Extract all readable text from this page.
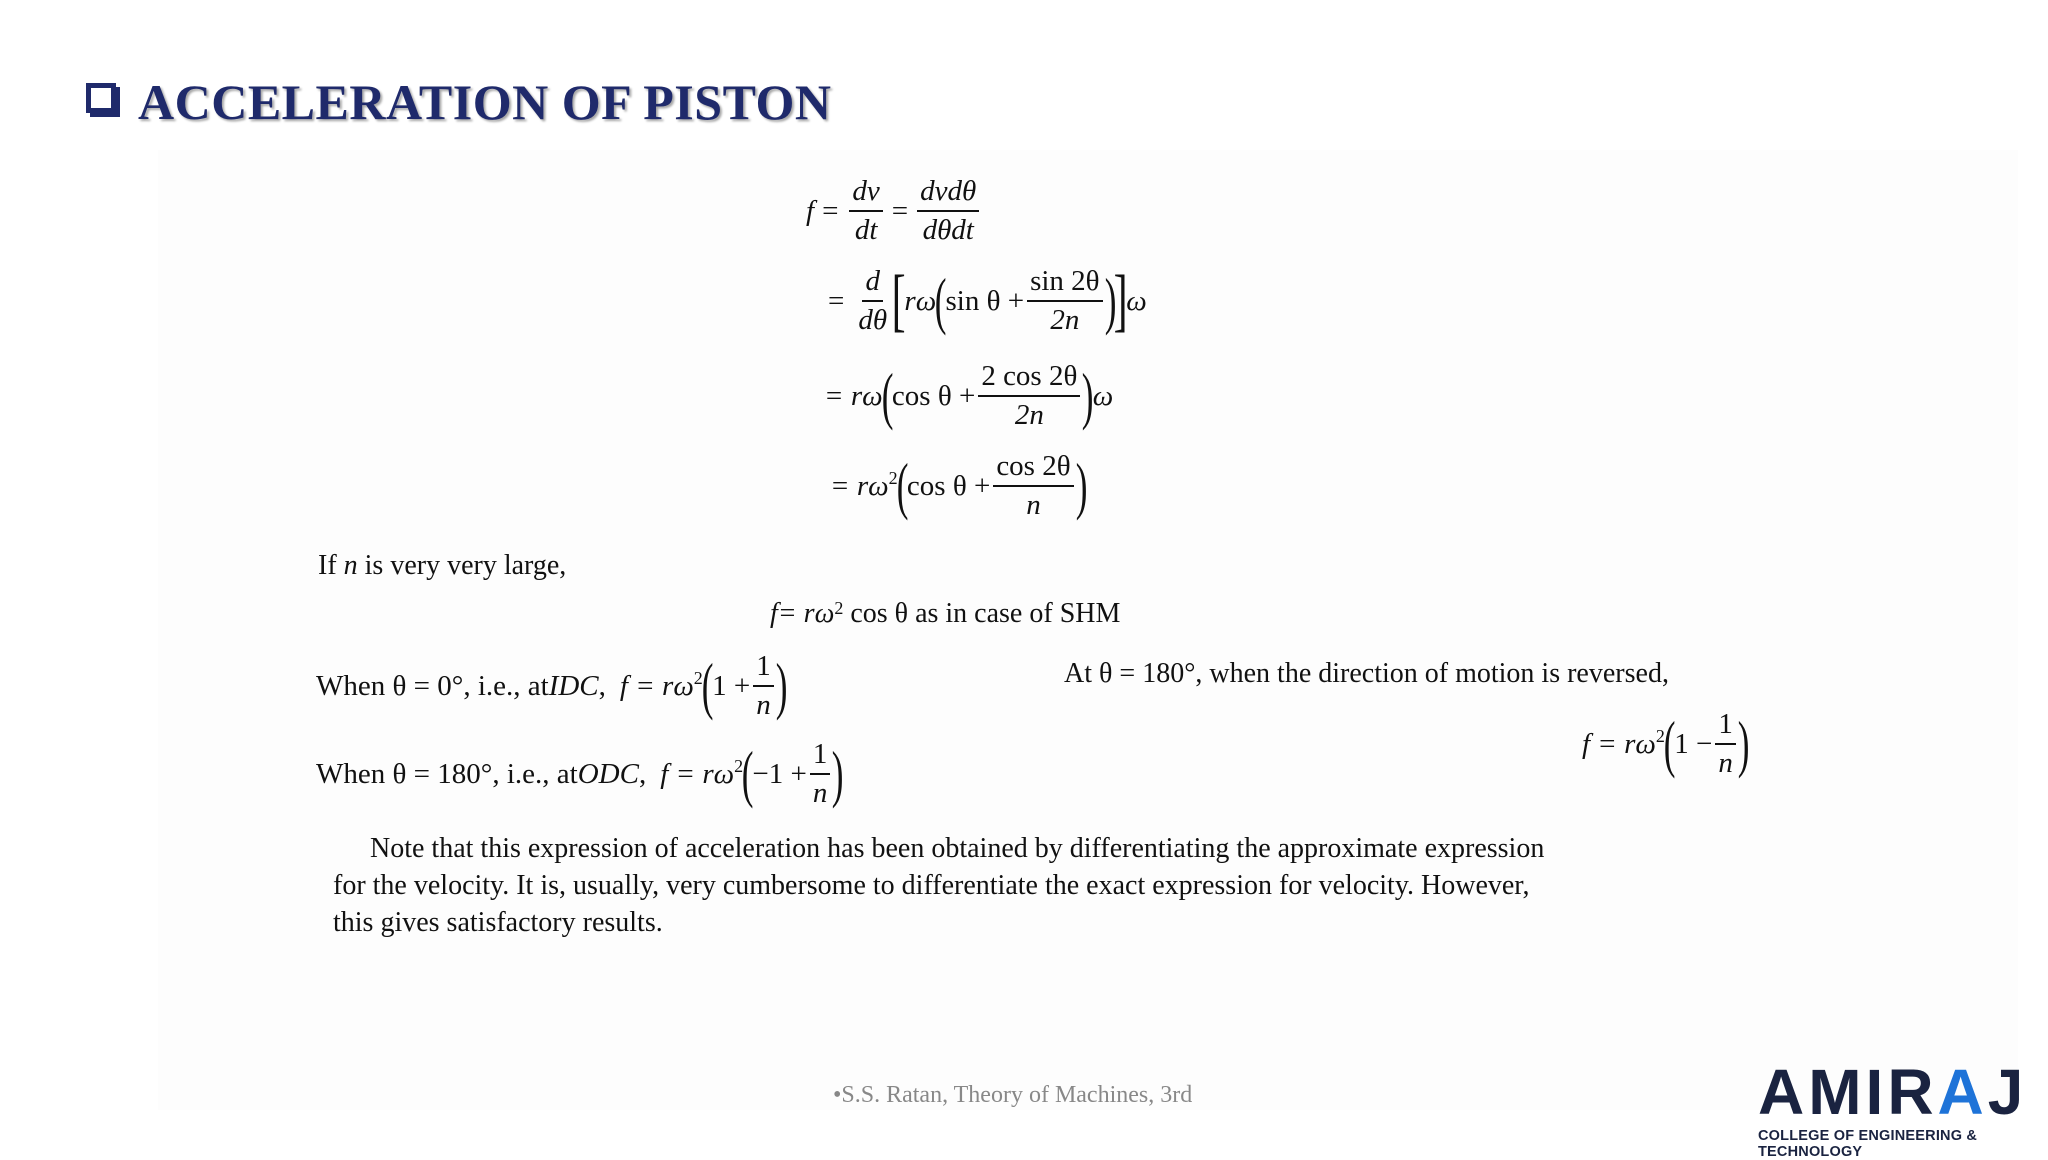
ACCELERATION OF PISTON
$f = \frac{dv}{dt} = \frac{\text{dvdθ}}{\text{dθdt}}$
= $\frac{d}{d\theta}$ [
rω
(
$\sin \theta + \frac{\sin 2\theta}{2n}$ )
]
ω
= rω
(
$\cos \theta + \frac{2 \cos 2\theta}{2n}$ )
ω
= $r\omega^2$
(
$\cos \theta + \frac{\cos 2\theta}{n}$ )
If n is very very large,
$f= r\omega^2$ cos θ as in case of SHM
When θ = 0°, i.e., at IDC , $f = r\omega^2$
(
$1 + \frac{1}{n}$ )
When θ = 180°, i.e., at ODC , $f = r\omega^2$
(
$-1 + \frac{1}{n}$ )
At θ = 180°, when the direction of motion is reversed,
$f = r\omega^2$
(
$1 - \frac{1}{n}$ )

Note that this expression of acceleration has been obtained by differentiating the approximate expression

for the velocity. It is, usually, very cumbersome to differentiate the exact expression for velocity. However,

this gives satisfactory results.

•S.S. Ratan, Theory of Machines, 3rd	AMIRAJ
COLLEGE OF ENGINEERING & TECHNOLOGY
